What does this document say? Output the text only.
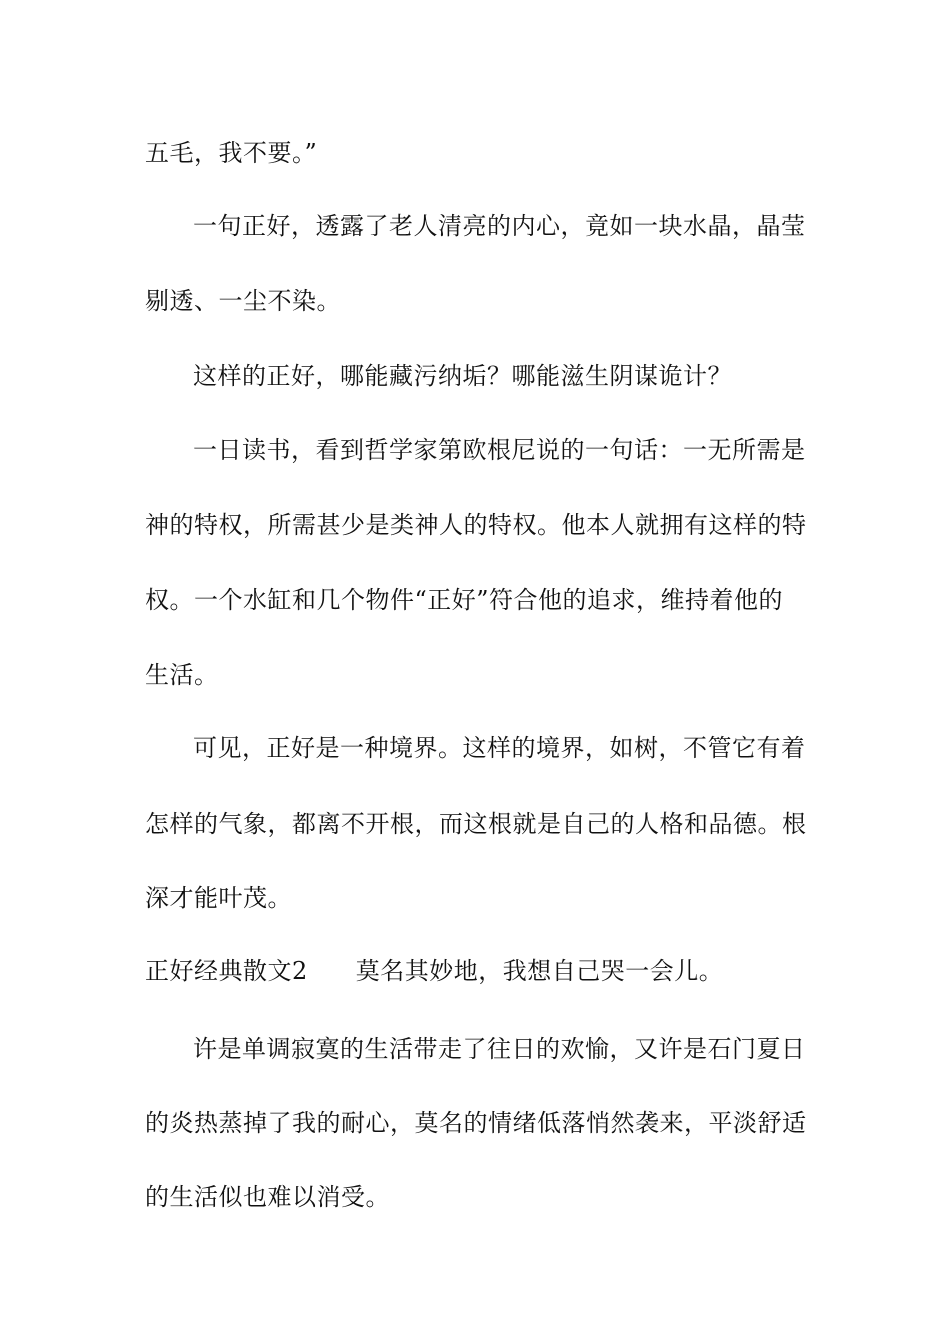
五毛，我不要。”
一句正好，透露了老人清亮的内心，竟如一块水晶，晶莹
剔透、一尘不染。
这样的正好，哪能藏污纳垢？哪能滋生阴谋诡计？
一日读书，看到哲学家第欧根尼说的一句话：一无所需是
神的特权，所需甚少是类神人的特权。他本人就拥有这样的特
权。一个水缸和几个物件“正好”符合他的追求，维持着他的
生活。
可见，正好是一种境界。这样的境界，如树，不管它有着
怎样的气象，都离不开根，而这根就是自己的人格和品德。根
深才能叶茂。
正好经典散文2 莫名其妙地，我想自己哭一会儿。
许是单调寂寞的生活带走了往日的欢愉，又许是石门夏日
的炎热蒸掉了我的耐心，莫名的情绪低落悄然袭来，平淡舒适
的生活似也难以消受。
